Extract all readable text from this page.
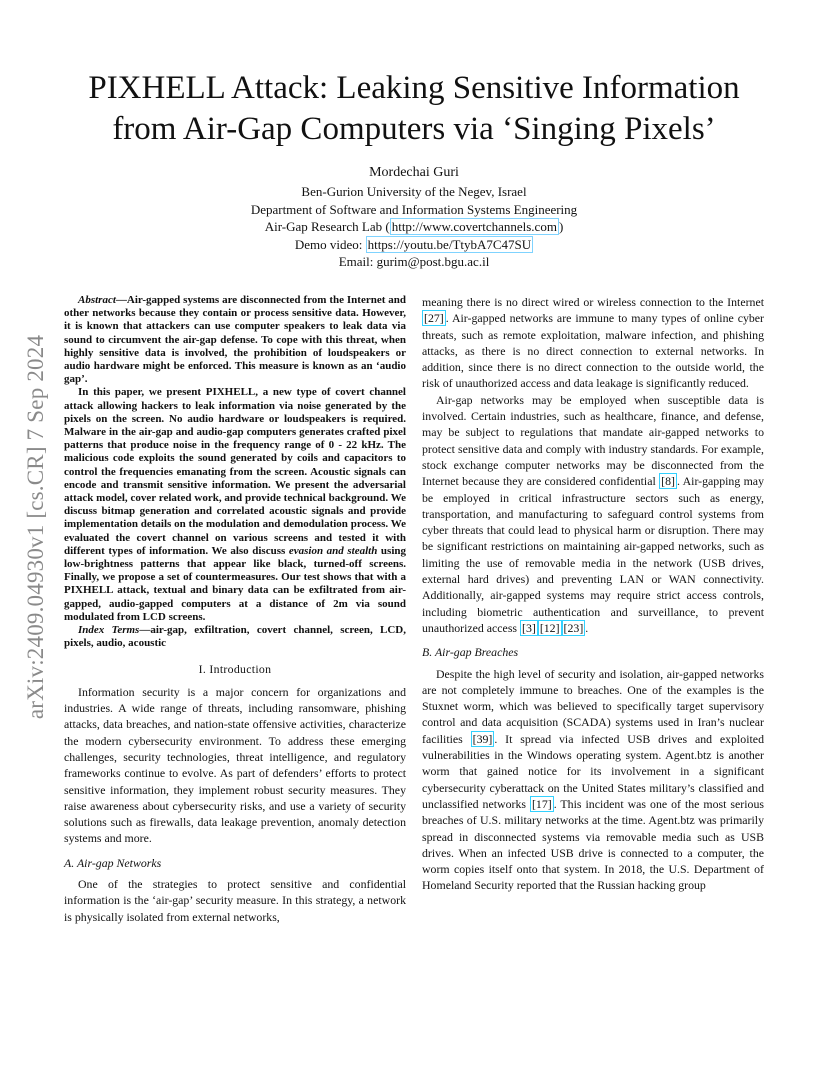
arXiv:2409.04930v1 [cs.CR] 7 Sep 2024
PIXHELL Attack: Leaking Sensitive Information
from Air-Gap Computers via ‘Singing Pixels’
Mordechai Guri
Ben-Gurion University of the Negev, Israel
Department of Software and Information Systems Engineering
Air-Gap Research Lab ( http://www.covertchannels.com )
Demo video: https://youtu.be/TtybA7C47SU
Email: gurim@post.bgu.ac.il

Abstract—Air-gapped systems are disconnected from the Internet and other networks because they contain or process sensitive data. However, it is known that attackers can use computer speakers to leak data via sound to circumvent the air-gap defense. To cope with this threat, when highly sensitive data is involved, the prohibition of loudspeakers or audio hardware might be enforced. This measure is known as an ‘audio gap’.

In this paper, we present PIXHELL, a new type of covert channel attack allowing hackers to leak information via noise generated by the pixels on the screen. No audio hardware or loudspeakers is required. Malware in the air-gap and audio-gap computers generates crafted pixel patterns that produce noise in the frequency range of 0 - 22 kHz. The malicious code exploits the sound generated by coils and capacitors to control the frequencies emanating from the screen. Acoustic signals can encode and transmit sensitive information. We present the adversarial attack model, cover related work, and provide technical background. We discuss bitmap generation and correlated acoustic signals and provide implementation details on the modulation and demodulation process. We evaluated the covert channel on various screens and tested it with different types of information. We also discuss evasion and stealth using low-brightness patterns that appear like black, turned-off screens. Finally, we propose a set of countermeasures. Our test shows that with a PIXHELL attack, textual and binary data can be exfiltrated from air-gapped, audio-gapped computers at a distance of 2m via sound modulated from LCD screens.

Index Terms—air-gap, exfiltration, covert channel, screen, LCD, pixels, audio, acoustic

I. Introduction

Information security is a major concern for organizations and industries. A wide range of threats, including ransomware, phishing attacks, data breaches, and nation-state offensive activities, characterize the modern cybersecurity environment. To address these emerging challenges, security technologies, threat intelligence, and regulatory frameworks continue to evolve. As part of defenders’ efforts to protect sensitive information, they implement robust security measures. They raise awareness about cybersecurity risks, and use a variety of security solutions such as firewalls, data leakage prevention, anomaly detection systems and more.

A. Air-gap Networks

One of the strategies to protect sensitive and confidential information is the ‘air-gap’ security measure. In this strategy, a network is physically isolated from external networks,

meaning there is no direct wired or wireless connection to the Internet [27] . Air-gapped networks are immune to many types of online cyber threats, such as remote exploitation, malware infection, and phishing attacks, as there is no direct connection to external networks. In addition, since there is no direct connection to the outside world, the risk of unauthorized access and data leakage is significantly reduced.

Air-gap networks may be employed when susceptible data is involved. Certain industries, such as healthcare, finance, and defense, may be subject to regulations that mandate air-gapped networks to protect sensitive data and comply with industry standards. For example, stock exchange computer networks may be disconnected from the Internet because they are considered confidential [8] . Air-gapping may be employed in critical infrastructure sectors such as energy, transportation, and manufacturing to safeguard control systems from cyber threats that could lead to physical harm or disruption. There may be significant restrictions on maintaining air-gapped networks, such as limiting the use of removable media in the network (USB drives, external hard drives) and preventing LAN or WAN connectivity. Additionally, air-gapped systems may require strict access controls, including biometric authentication and surveillance, to prevent unauthorized access [3] [12] [23] .

B. Air-gap Breaches

Despite the high level of security and isolation, air-gapped networks are not completely immune to breaches. One of the examples is the Stuxnet worm, which was believed to specifically target supervisory control and data acquisition (SCADA) systems used in Iran’s nuclear facilities [39] . It spread via infected USB drives and exploited vulnerabilities in the Windows operating system. Agent.btz is another worm that gained notice for its involvement in a significant cybersecurity cyberattack on the United States military’s classified and unclassified networks [17] . This incident was one of the most serious breaches of U.S. military networks at the time. Agent.btz was primarily spread in disconnected systems via removable media such as USB drives. When an infected USB drive is connected to a computer, the worm copies itself onto that system. In 2018, the U.S. Department of Homeland Security reported that the Russian hacking group
